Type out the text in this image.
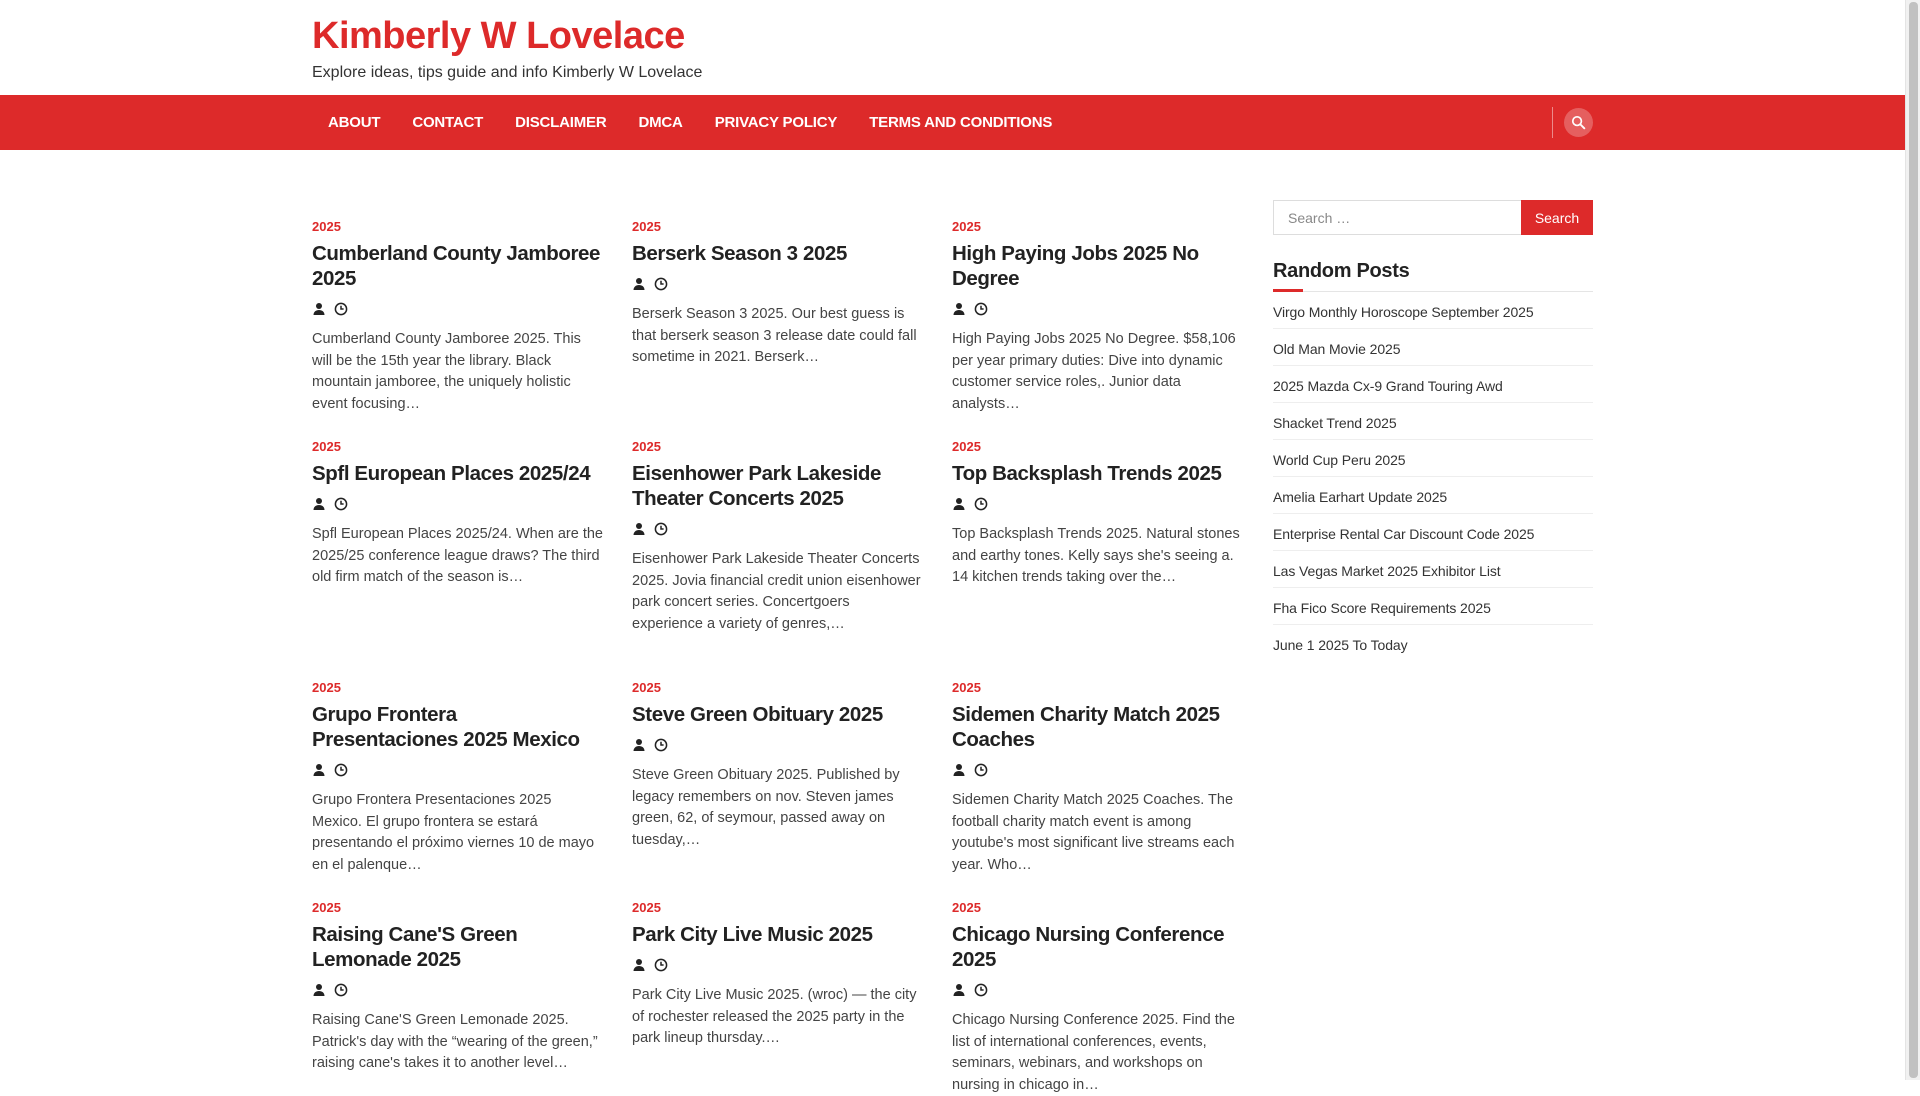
Kimberly W Lovelace
Explore ideas, tips guide and info Kimberly W Lovelace
ABOUT	CONTACT	DISCLAIMER	DMCA	PRIVACY POLICY	TERMS AND CONDITIONS
2025
Cumberland County Jamboree 2025
Cumberland County Jamboree 2025. This will be the 15th year the library. Black mountain jamboree, the uniquely holistic event focusing…
2025
Berserk Season 3 2025
Berserk Season 3 2025. Our best guess is that berserk season 3 release date could fall sometime in 2021. Berserk…
2025
High Paying Jobs 2025 No Degree
High Paying Jobs 2025 No Degree. $58,106 per year primary duties: Dive into dynamic customer service roles,. Junior data analysts…
2025
Spfl European Places 2025/24
Spfl European Places 2025/24. When are the 2025/25 conference league draws? The third old firm match of the season is…
2025
Eisenhower Park Lakeside Theater Concerts 2025
Eisenhower Park Lakeside Theater Concerts 2025. Jovia financial credit union eisenhower park concert series. Concertgoers experience a variety of genres,…
2025
Top Backsplash Trends 2025
Top Backsplash Trends 2025. Natural stones and earthy tones. Kelly says she's seeing a. 14 kitchen trends taking over the…
2025
Grupo Frontera Presentaciones 2025 Mexico
Grupo Frontera Presentaciones 2025 Mexico. El grupo frontera se estará presentando el próximo viernes 10 de mayo en el palenque…
2025
Steve Green Obituary 2025
Steve Green Obituary 2025. Published by legacy remembers on nov. Steven james green, 62, of seymour, passed away on tuesday,…
2025
Sidemen Charity Match 2025 Coaches
Sidemen Charity Match 2025 Coaches. The football charity match event is among youtube's most significant live streams each year. Who…
2025
Raising Cane'S Green Lemonade 2025
Raising Cane'S Green Lemonade 2025. Patrick's day with the “wearing of the green,” raising cane's takes it to another level…
2025
Park City Live Music 2025
Park City Live Music 2025. (wroc) — the city of rochester released the 2025 party in the park lineup thursday.…
2025
Chicago Nursing Conference 2025
Chicago Nursing Conference 2025. Find the list of international conferences, events, seminars, webinars, and workshops on nursing in chicago in…
Search …
Search
Random Posts
Virgo Monthly Horoscope September 2025
Old Man Movie 2025
2025 Mazda Cx-9 Grand Touring Awd
Shacket Trend 2025
World Cup Peru 2025
Amelia Earhart Update 2025
Enterprise Rental Car Discount Code 2025
Las Vegas Market 2025 Exhibitor List
Fha Fico Score Requirements 2025
June 1 2025 To Today
